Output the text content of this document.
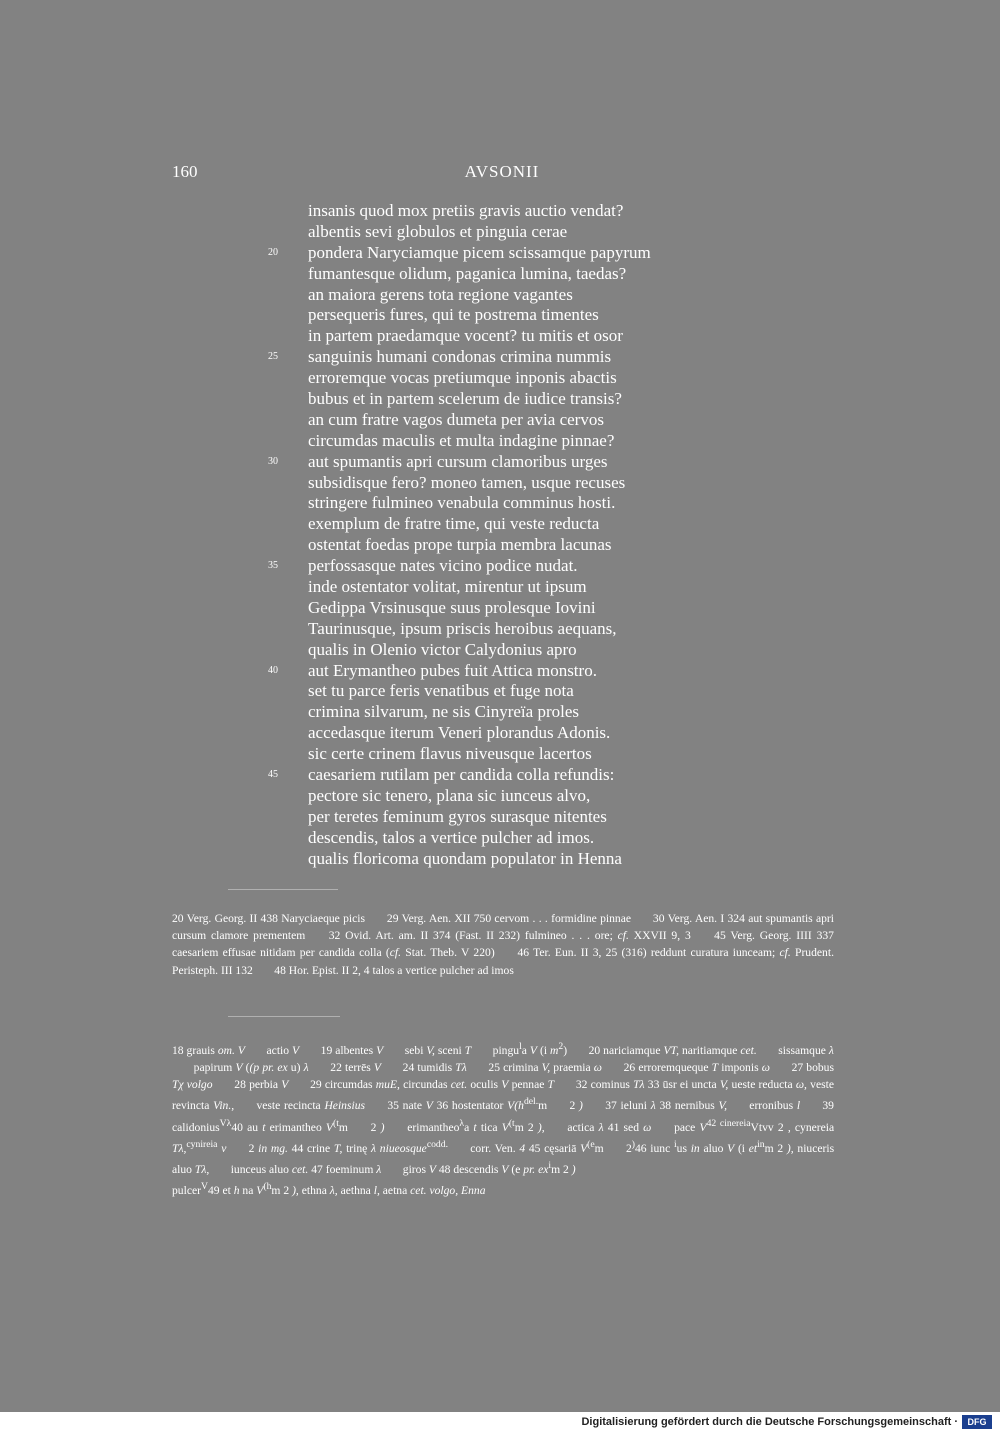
160	AVSONII
insanis quod mox pretiis gravis auctio vendat?
albentis sevi globulos et pinguia cerae
20	pondera Naryciamque picem scissamque papyrum
fumantesque olidum, paganica lumina, taedas?
an maiora gerens tota regione vagantes
persequeris fures, qui te postrema timentes
in partem praedamque vocent? tu mitis et osor
25	sanguinis humani condonas crimina nummis
erroremque vocas pretiumque inponis abactis
bubus et in partem scelerum de iudice transis?
an cum fratre vagos dumeta per avia cervos
circumdas maculis et multa indagine pinnae?
30	aut spumantis apri cursum clamoribus urges
subsidisque fero? moneo tamen, usque recuses
stringere fulmineo venabula comminus hosti.
exemplum de fratre time, qui veste reducta
ostentat foedas prope turpia membra lacunas
35	perfossasque nates vicino podice nudat.
inde ostentator volitat, mirentur ut ipsum
Gedippa Vrsinusque suus prolesque Iovini
Taurinusque, ipsum priscis heroibus aequans,
qualis in Olenio victor Calydonius apro
40	aut Erymantheo pubes fuit Attica monstro.
set tu parce feris venatibus et fuge nota
crimina silvarum, ne sis Cinyreïa proles
accedasque iterum Veneri plorandus Adonis.
sic certe crinem flavus niveusque lacertos
45	caesariem rutilam per candida colla refundis:
pectore sic tenero, plana sic iunceus alvo,
per teretes feminum gyros surasque nitentes
descendis, talos a vertice pulcher ad imos.
qualis floricoma quondam populator in Henna

20 Verg. Georg. II 438 Naryciaeque picis 29 Verg. Aen. XII 750 cervom . . . formidine pinnae 30 Verg. Aen. I 324 aut spumantis apri cursum clamore prementem 32 Ovid. Art. am. II 374 (Fast. II 232) fulmineo . . . ore; cf. XXVII 9, 3 45 Verg. Georg. IIII 337 caesariem effusae nitidam per candida colla (cf. Stat. Theb. V 220) 46 Ter. Eun. II 3, 25 (316) reddunt curatura iunceam; cf. Prudent. Peristeph. III 132 48 Hor. Epist. II 2, 4 talos a vertice pulcher ad imos

18 grauis om. V actio V 19 albentes V sebi V, sceni T pingu$^l$a V (i $m^2$) 20 nariciamque VT, naritiamque cet. sissamque λ papirum V ((p pr. ex u) λ 22 terrēs V 24 tumidis Tλ 25 crimina V, praemia ω 26 erroremqueque T imponis ω 27 bobus Tχ volgo 28 perbia V 29 circumdas muE, circundas cet. oculis V pennae T 32 cominus Tλ 33 ūsr ei uncta V, ueste reducta ω, veste revincta Vin., veste recincta Heinsius 35 nate V 36 hostentator $V(h^{del.}m$ 2 ) 37 ieluni λ 38 nernibus V, erronibus l 39 calidonius$^{V\lambda}$40 au t erimantheo $V^{(t}m$ 2 ) erimantheo$^\lambda$a t tica $V^{(t}m$ 2 ), actica λ 41 sed ω pace $V^{42 cinereia}Vtvv$ 2 , cynereia Tλ,$^{cynireia}$ v 2 in mg. 44 crine T, trinę λ niueosque$^{codd.}$ corr. Ven. 4 45 cęsariā $V^{(e}m$ 2)46 iunc $^i$us in aluo V (i $et^{in}m$ 2 ), niuceris aluo Tλ, iunceus aluo cet. 47 foeminum λ giros V 48 descendis V (e pr. $ex^im$ 2 )
pulcer$^V$49 et h na $V^{(h}m$ 2 ), ethna λ, aethna l, aetna cet. volgo, Enna

Digitalisierung gefördert durch die Deutsche Forschungsgemeinschaft ·	DFG
